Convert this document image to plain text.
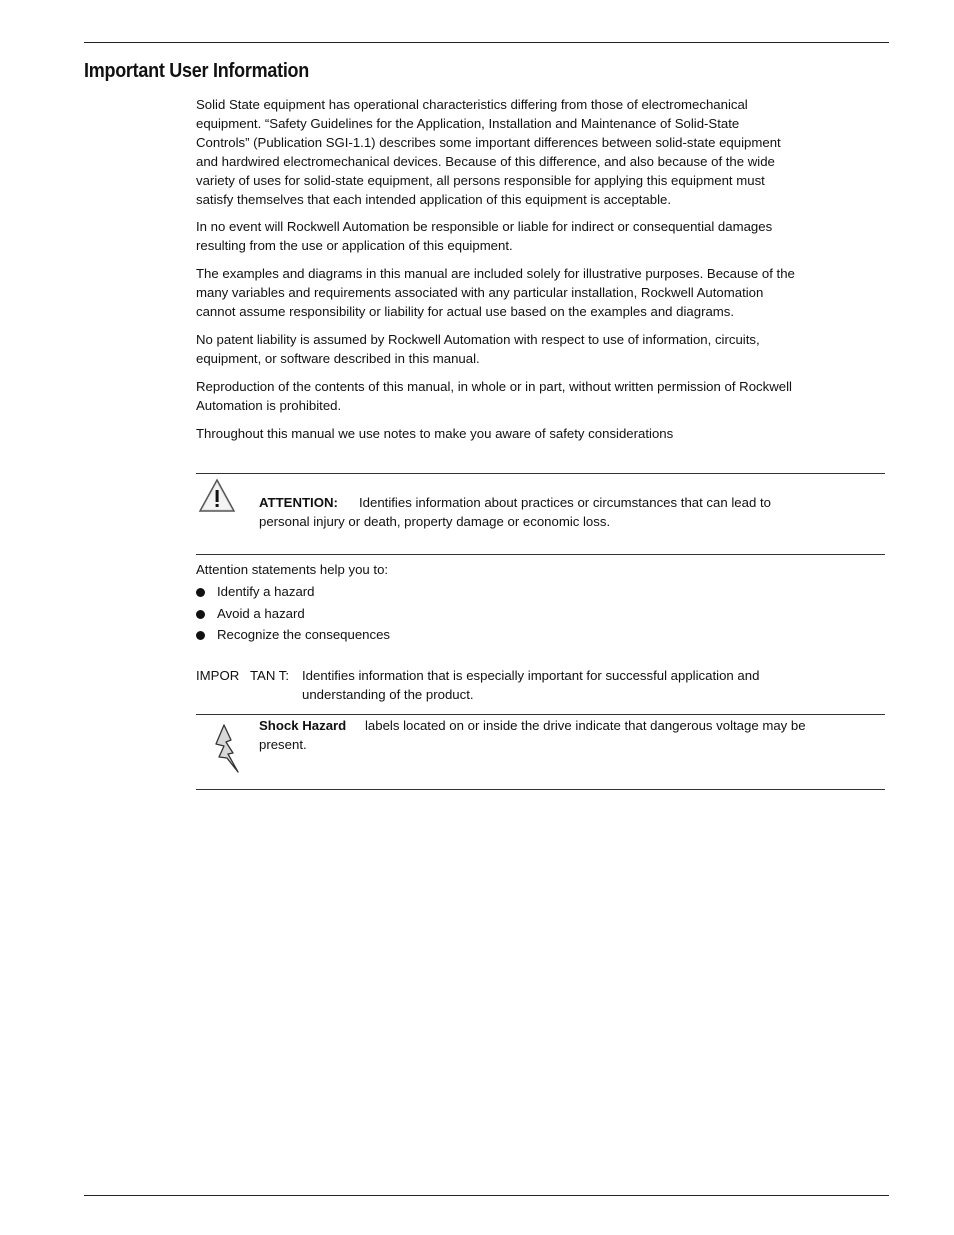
Important User Information

Solid State equipment has operational characteristics differing from those of electromechanical equipment. “Safety Guidelines for the Application, Installation and Maintenance of Solid-State Controls” (Publication SGI-1.1) describes some important differences between solid-state equipment and hardwired electromechanical devices. Because of this difference, and also because of the wide variety of uses for solid-state equipment, all persons responsible for applying this equipment must satisfy themselves that each intended application of this equipment is acceptable.

In no event will Rockwell Automation be responsible or liable for indirect or consequential damages resulting from the use or application of this equipment.

The examples and diagrams in this manual are included solely for illustrative purposes. Because of the many variables and requirements associated with any particular installation, Rockwell Automation cannot assume responsibility or liability for actual use based on the examples and diagrams.

No patent liability is assumed by Rockwell Automation with respect to use of information, circuits, equipment, or software described in this manual.

Reproduction of the contents of this manual, in whole or in part, without written permission of Rockwell Automation is prohibited.

Throughout this manual we use notes to make you aware of safety considerations

ATTENTION: Identifies information about practices or circumstances that can lead to personal injury or death, property damage or economic loss.
Attention statements help you to:
Identify a hazard
Avoid a hazard
Recognize the consequences
IMPOR   TAN T: Identifies information that is especially important for successful application and understanding of the product.
Shock Hazard labels located on or inside the drive indicate that dangerous voltage may be present.
